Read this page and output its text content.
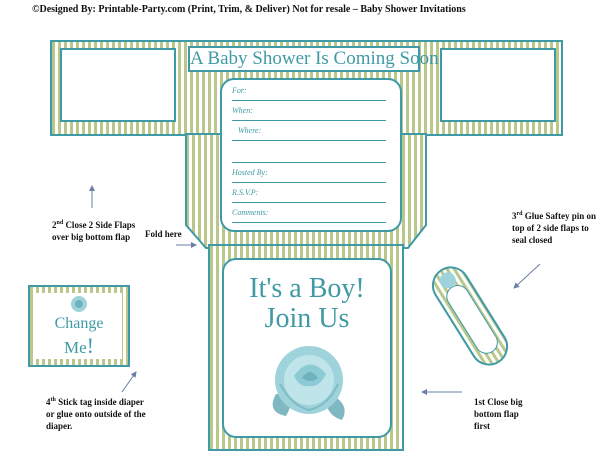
©Designed By: Printable-Party.com (Print, Trim, & Deliver) Not for resale – Baby Shower Invitations
A Baby Shower Is Coming Soon
For:
When:
Where:
Hosted By:
R.S.V.P:
Comments:
It's a Boy!
Join Us
Change
Me!
2nd Close 2 Side Flaps over big bottom flap	Fold here
3rd Glue Saftey pin on top of 2 side flaps to seal closed
4th Stick tag inside diaper or glue onto outside of the diaper.
1st Close big bottom flap first
